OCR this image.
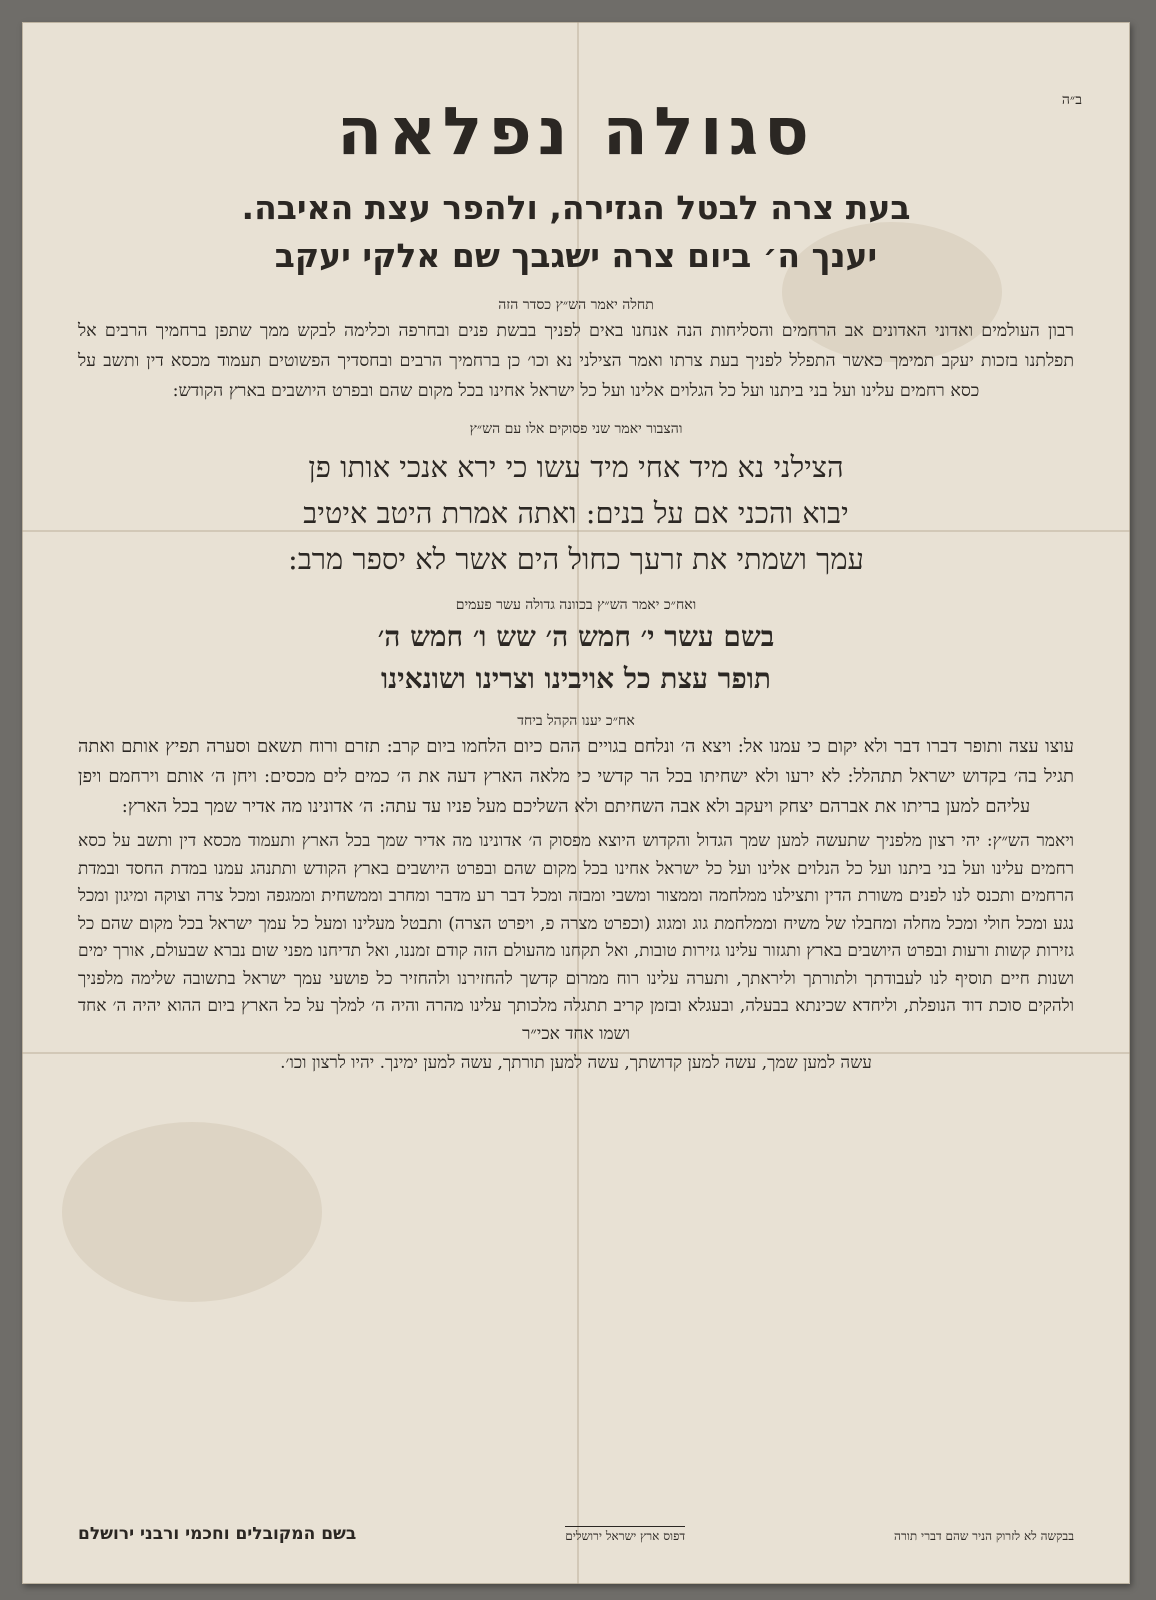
ב״ה
סגולה נפלאה
בעת צרה לבטל הגזירה, ולהפר עצת האיבה.
יענך ה׳ ביום צרה ישגבך שם אלקי יעקב
תחלה יאמר הש״ץ כסדר הזה

רבון העולמים ואדוני האדונים אב הרחמים והסליחות הנה אנחנו באים לפניך בבשת פנים ובחרפה וכלימה לבקש ממך שתפן ברחמיך הרבים אל תפלתנו בזכות יעקב תמימך כאשר התפלל לפניך בעת צרתו ואמר הצילני נא וכו׳ כן ברחמיך הרבים ובחסדיך הפשוטים תעמוד מכסא דין ותשב על כסא רחמים עלינו ועל בני ביתנו ועל כל הגלוים אלינו ועל כל ישראל אחינו בכל מקום שהם ובפרט היושבים בארץ הקודש:

והצבור יאמר שני פסוקים אלו עם הש״ץ
הצילני נא מיד אחי מיד עשו כי ירא אנכי אותו פן
יבוא והכני אם על בנים: ואתה אמרת היטב איטיב
עמך ושמתי את זרעך כחול הים אשר לא יספר מרב:
ואח״כ יאמר הש״ץ בכוונה גדולה עשר פעמים
בשם עשר י׳ חמש ה׳ שש ו׳ חמש ה׳
תופר עצת כל אויבינו וצרינו ושונאינו
אח״כ יענו הקהל ביחד

עוצו עצה ותופר דברו דבר ולא יקום כי עמנו אל: ויצא ה׳ ונלחם בגויים ההם כיום הלחמו ביום קרב: תזרם ורוח תשאם וסערה תפיץ אותם ואתה תגיל בה׳ בקדוש ישראל תתהלל: לא ירעו ולא ישחיתו בכל הר קדשי כי מלאה הארץ דעה את ה׳ כמים לים מכסים: ויחן ה׳ אותם וירחמם ויפן עליהם למען בריתו את אברהם יצחק ויעקב ולא אבה השחיתם ולא השליכם מעל פניו עד עתה: ה׳ אדונינו מה אדיר שמך בכל הארץ:

ויאמר הש״ץ: יהי רצון מלפניך שתעשה למען שמך הגדול והקדוש היוצא מפסוק ה׳ אדונינו מה אדיר שמך בכל הארץ ותעמוד מכסא דין ותשב על כסא רחמים עלינו ועל בני ביתנו ועל כל הנלוים אלינו ועל כל ישראל אחינו בכל מקום שהם ובפרט היושבים בארץ הקודש ותתנהג עמנו במדת החסד ובמדת הרחמים ותכנס לנו לפנים משורת הדין ותצילנו ממלחמה וממצור ומשבי ומבזה ומכל דבר רע מדבר ומחרב וממשחית וממגפה ומכל צרה וצוקה ומיגון ומכל נגע ומכל חולי ומכל מחלה ומחבלו של משיח וממלחמת גוג ומגוג (וכפרט מצרה פ, ויפרט הצרה) ותבטל מעלינו ומעל כל עמך ישראל בכל מקום שהם כל גזירות קשות ורעות ובפרט היושבים בארץ ותגזור עלינו גזירות טובות, ואל תקחנו מהעולם הזה קודם זמננו, ואל תדיחנו מפני שום נברא שבעולם, אורך ימים ושנות חיים תוסיף לנו לעבודתך ולתורתך וליראתך, ותערה עלינו רוח ממרום קדשך להחזירנו ולהחזיר כל פושעי עמך ישראל בתשובה שלימה מלפניך ולהקים סוכת דוד הנופלת, וליחדא שכינתא בבעלה, ובעגלא ובזמן קריב תתגלה מלכותך עלינו מהרה והיה ה׳ למלך על כל הארץ ביום ההוא יהיה ה׳ אחד ושמו אחד אכי״ר

עשה למען שמך, עשה למען קדושתך, עשה למען תורתך, עשה למען ימינך. יהיו לרצון וכו׳.
בבקשה לא לזרוק הניר שהם דברי תורה
דפוס ארץ ישראל ירושלים
בשם המקובלים וחכמי ורבני ירושלם
